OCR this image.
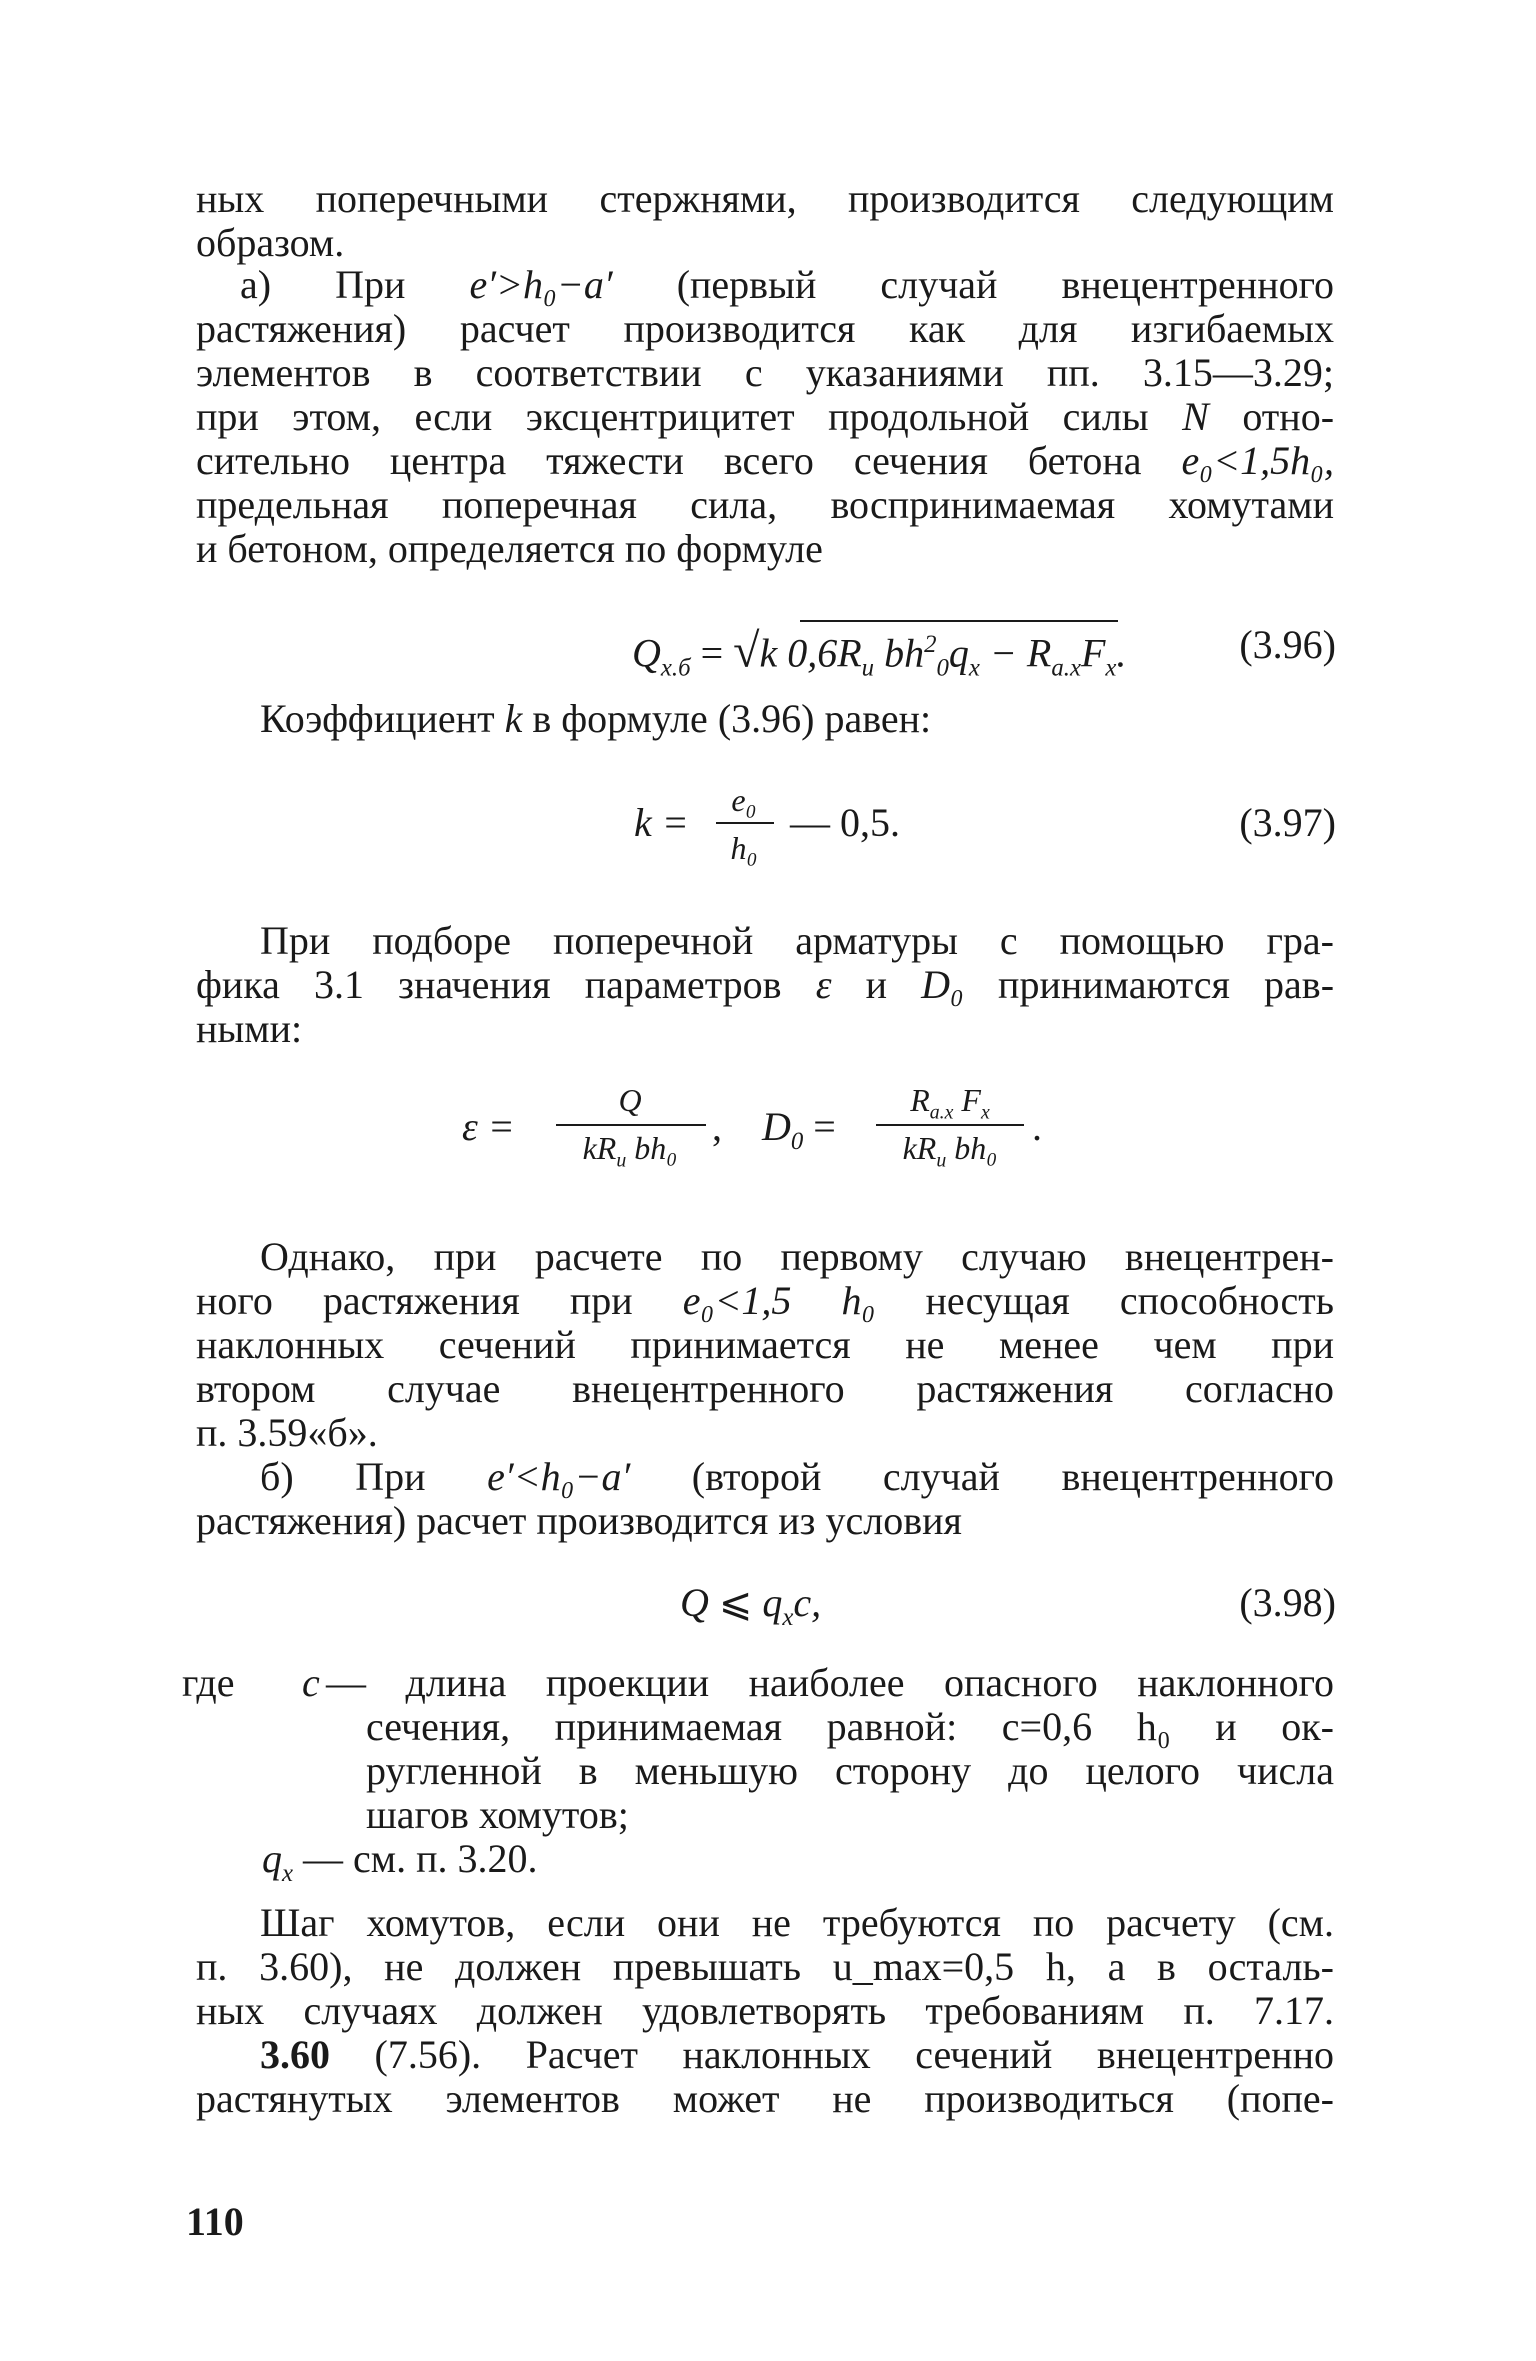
ных поперечными стержнями, производится следующим
образом.
а) При e′>h₀−a′ (первый случай внецентренного
растяжения) расчет производится как для изгибаемых
элементов в соответствии с указаниями пп. 3.15—3.29;
при этом, если эксцентрицитет продольной силы N отно-
сительно центра тяжести всего сечения бетона e₀<1,5h₀,
предельная поперечная сила, воспринимаемая хомутами
и бетоном, определяется по формуле
$Q_{х.б} = √k$ $0,6R_и$ $bh^2_0q_х - R_{а.х}F_х$.	(3.96)
Коэффициент k в формуле (3.96) равен:
k =	e₀
h₀
— 0,5.	(3.97)
При подборе поперечной арматуры с помощью гра-
фика 3.1 значения параметров ε и D₀ принимаются рав-
ными:
ε =
Q
$kR_и$ bh₀ , $D_0$ =
$R_{а.х}$ $F_х$
$kR_и$ bh₀ .
Однако, при расчете по первому случаю внецентрен-
ного растяжения при e₀<1,5 h₀ несущая способность
наклонных сечений принимается не менее чем при
втором случае внецентренного растяжения согласно
п. 3.59«б».
б) При e′<h₀−a′ (второй случай внецентренного
растяжения) расчет производится из условия
Q ⩽ $q_хc$,	(3.98)
где c — длина проекции наиболее опасного наклонного
сечения, принимаемая равной: c=0,6 h₀ и ок-
ругленной в меньшую сторону до целого числа
шагов хомутов;
$q_х$ — см. п. 3.20.
Шаг хомутов, если они не требуются по расчету (см.
п. 3.60), не должен превышать u_max=0,5 h, а в осталь-
ных случаях должен удовлетворять требованиям п. 7.17.
3.60 (7.56). Расчет наклонных сечений внецентренно
растянутых элементов может не производиться (попе-
110
